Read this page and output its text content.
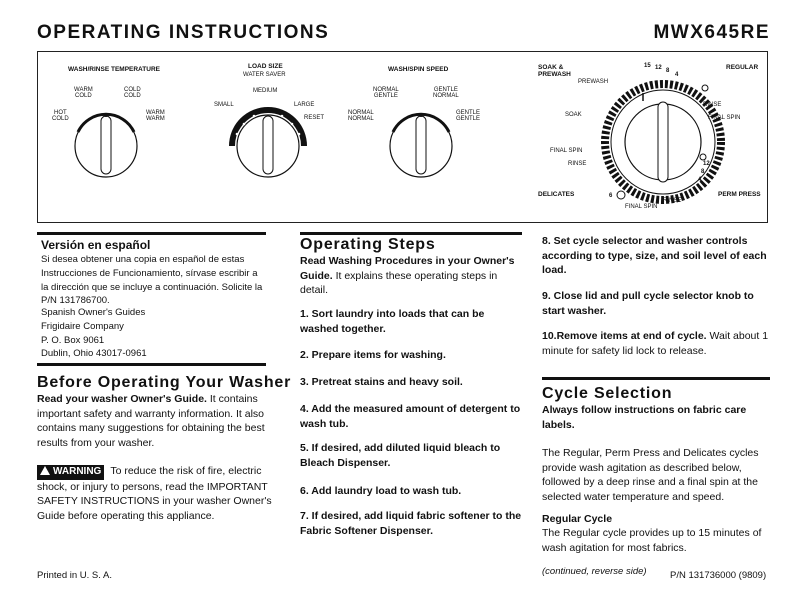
OPERATING INSTRUCTIONS	MWX645RE
WASH/RINSE TEMPERATURE
WARM
COLD
COLD
COLD
HOT
COLD
WARM
WARM
LOAD SIZE
WATER SAVER
MEDIUM
SMALL	LARGE
RESET
WASH/SPIN SPEED
NORMAL
GENTLE
GENTLE
NORMAL
NORMAL
NORMAL
GENTLE
GENTLE
SOAK &
PREWASH
REGULAR
PREWASH
SOAK
RINSE
FINAL SPIN
FINAL SPIN
RINSE
DELICATES	PERM PRESS
FINAL SPIN
RINSE
15 12 8
4
12
8
4
6
Versión en español
Si desea obtener una copia en español de estas Instrucciones de Funcionamiento, sírvase escribir a la dirección que se incluye a continuación. Solicite la P/N 131786700.
Spanish Owner's Guides
Frigidaire Company
P. O. Box 9061
Dublin, Ohio 43017-0961
Before Operating Your Washer
Read your washer Owner's Guide. It contains important safety and warranty information. It also contains many suggestions for obtaining the best results from your washer.
WARNING To reduce the risk of fire, electric shock, or injury to persons, read the IMPORTANT SAFETY INSTRUCTIONS in your washer Owner's Guide before operating this appliance.
Operating Steps
Read Washing Procedures in your Owner's Guide. It explains these operating steps in detail.
1. Sort laundry into loads that can be washed together.
2. Prepare items for washing.
3. Pretreat stains and heavy soil.
4. Add the measured amount of detergent to wash tub.
5. If desired, add diluted liquid bleach to Bleach Dispenser.
6. Add laundry load to wash tub.
7. If desired, add liquid fabric softener to the Fabric Softener Dispenser.
8. Set cycle selector and washer controls according to type, size, and soil level of each load.
9. Close lid and pull cycle selector knob to start washer.
10.Remove items at end of cycle. Wait about 1 minute for safety lid lock to release.
Cycle Selection
Always follow instructions on fabric care labels.
The Regular, Perm Press and Delicates cycles provide wash agitation as described below, followed by a deep rinse and a final spin at the selected water temperature and speed.
Regular Cycle
The Regular cycle provides up to 15 minutes of wash agitation for most fabrics.
Printed in U. S. A.	(continued, reverse side) P/N 131736000 (9809)
